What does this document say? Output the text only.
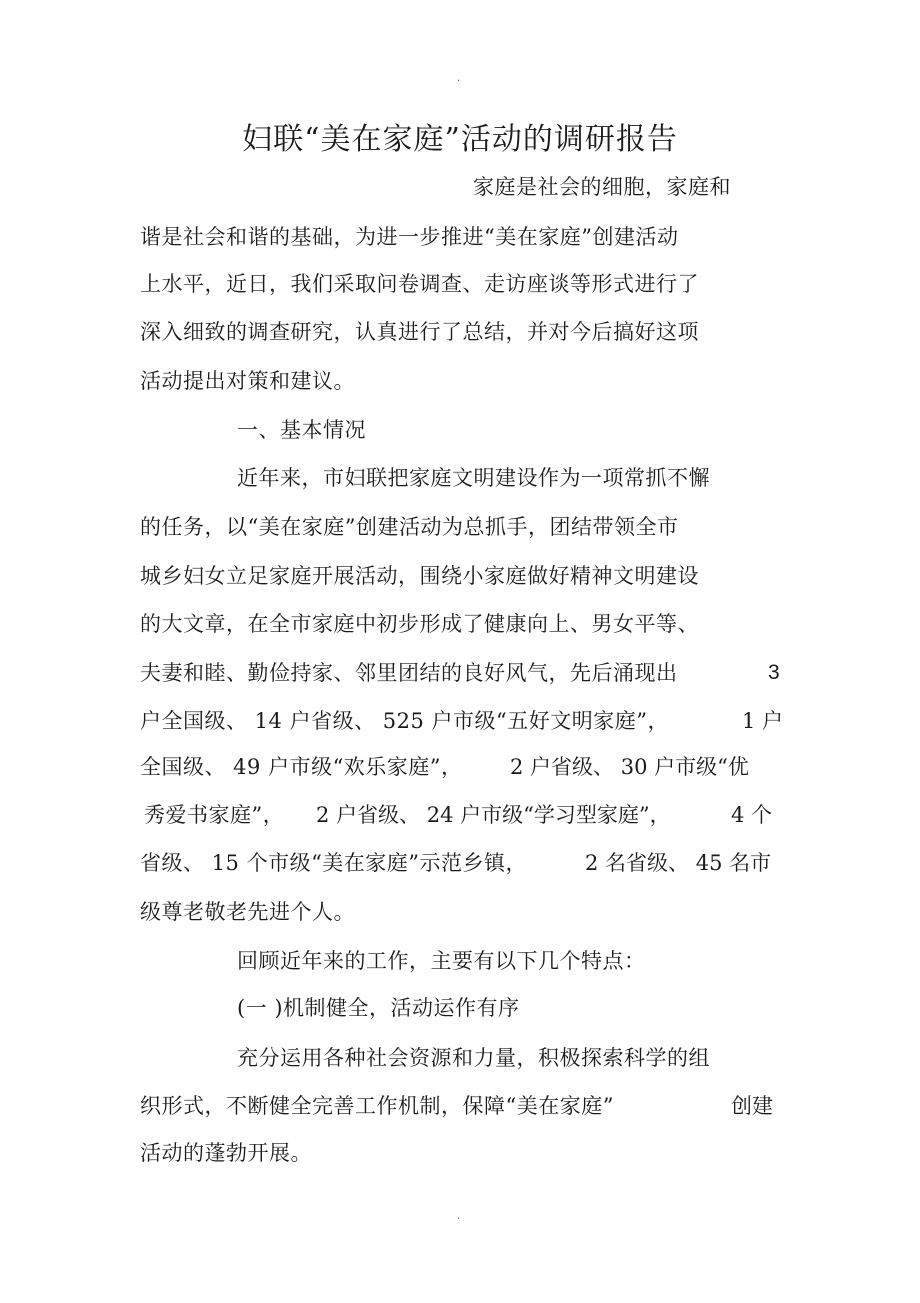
.
妇联“美在家庭”活动的调研报告
家庭是社会的细胞，家庭和
谐是社会和谐的基础，为进一步推进“美在家庭”创建活动
上水平，近日，我们采取问卷调查、走访座谈等形式进行了
深入细致的调查研究，认真进行了总结，并对今后搞好这项
活动提出对策和建议。
一、基本情况
近年来，市妇联把家庭文明建设作为一项常抓不懈
的任务，以“美在家庭”创建活动为总抓手，团结带领全市
城乡妇女立足家庭开展活动，围绕小家庭做好精神文明建设
的大文章，在全市家庭中初步形成了健康向上、男女平等、
夫妻和睦、勤俭持家、邻里团结的良好风气，先后涌现出	3
户全国级、 14 户省级、 525 户市级“五好文明家庭”，	1 户
全国级、 49 户市级“欢乐家庭”， 2 户省级、 30 户市级“优
秀爱书家庭”， 2 户省级、 24 户市级“学习型家庭”，	4 个
省级、 15 个市级“美在家庭”示范乡镇，	2 名省级、 45 名市
级尊老敬老先进个人。
回顾近年来的工作，主要有以下几个特点：
(一 )机制健全，活动运作有序
充分运用各种社会资源和力量，积极探索科学的组
织形式，不断健全完善工作机制，保障“美在家庭”	创建
活动的蓬勃开展。
.
